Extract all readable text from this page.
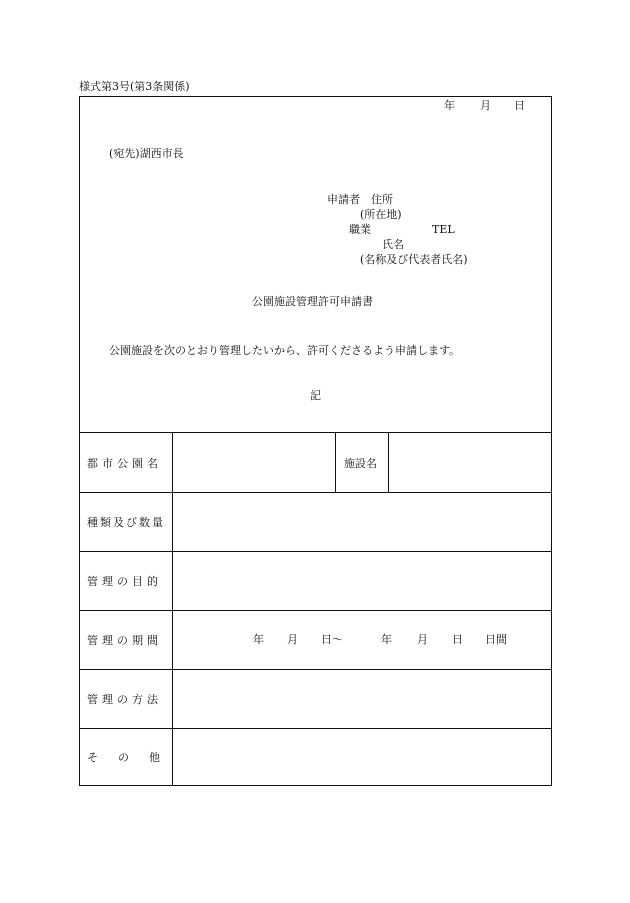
様式第3号(第3条関係)
年 月 日
(宛先)湖西市長
申請者 住所
(所在地)
職業	TEL
氏名
(名称及び代表者氏名)
公園施設管理許可申請書
公園施設を次のとおり管理したいから、許可くださるよう申請します。
記
都市公園名	施設名
種類及び数量
管理の目的
管理の期間	年 月 日〜	年 月 日 日間
管理の方法
その他
